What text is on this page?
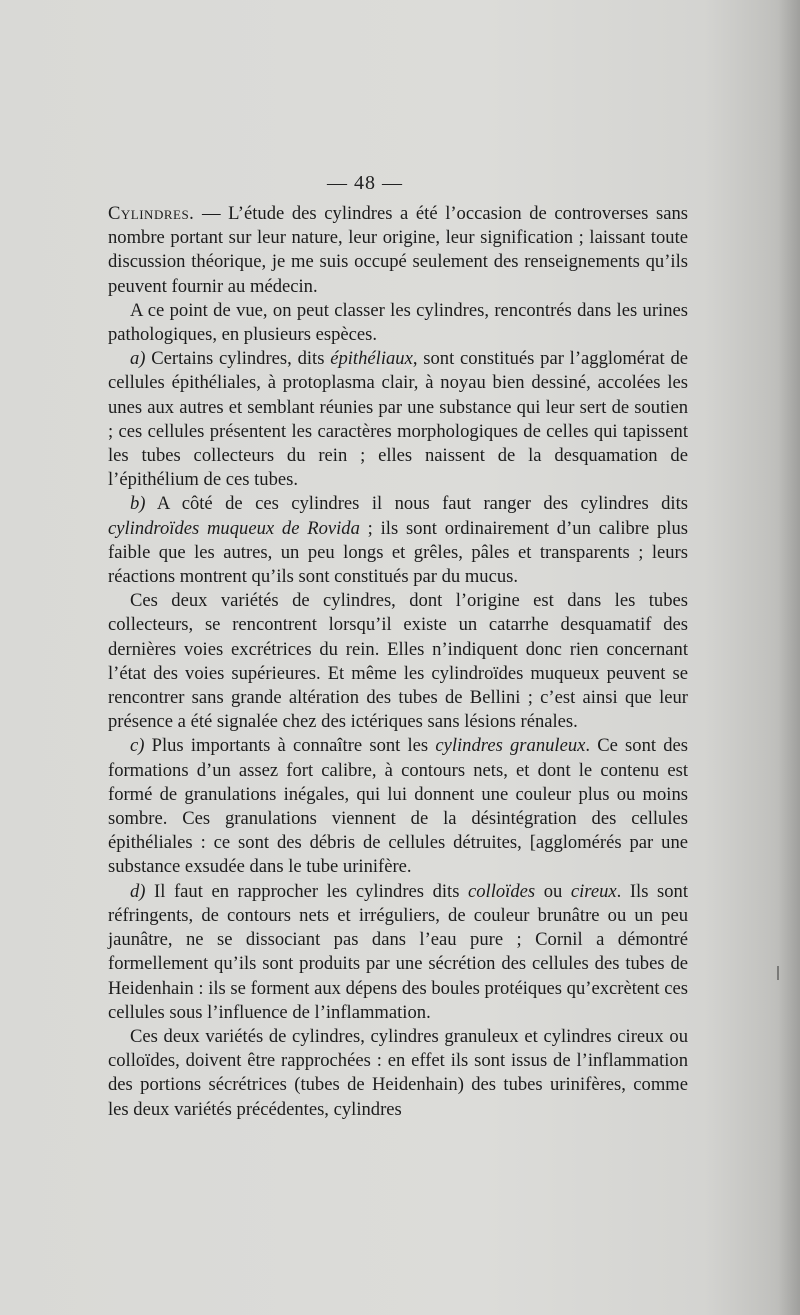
— 48 —

Cylindres. — L’étude des cylindres a été l’occasion de controverses sans nombre portant sur leur nature, leur origine, leur signification ; laissant toute discussion théorique, je me suis occupé seulement des renseignements qu’ils peuvent fournir au médecin.

A ce point de vue, on peut classer les cylindres, rencontrés dans les urines pathologiques, en plusieurs espèces.

a) Certains cylindres, dits épithéliaux, sont constitués par l’agglomérat de cellules épithéliales, à protoplasma clair, à noyau bien dessiné, accolées les unes aux autres et semblant réunies par une substance qui leur sert de soutien ; ces cellules présentent les caractères morphologiques de celles qui tapissent les tubes collecteurs du rein ; elles naissent de la desquamation de l’épithélium de ces tubes.

b) A côté de ces cylindres il nous faut ranger des cylindres dits cylindroïdes muqueux de Rovida ; ils sont ordinairement d’un calibre plus faible que les autres, un peu longs et grêles, pâles et transparents ; leurs réactions montrent qu’ils sont constitués par du mucus.

Ces deux variétés de cylindres, dont l’origine est dans les tubes collecteurs, se rencontrent lorsqu’il existe un catarrhe desquamatif des dernières voies excrétrices du rein. Elles n’indiquent donc rien concernant l’état des voies supérieures. Et même les cylindroïdes muqueux peuvent se rencontrer sans grande altération des tubes de Bellini ; c’est ainsi que leur présence a été signalée chez des ictériques sans lésions rénales.

c) Plus importants à connaître sont les cylindres granuleux. Ce sont des formations d’un assez fort calibre, à contours nets, et dont le contenu est formé de granulations inégales, qui lui donnent une couleur plus ou moins sombre. Ces granulations viennent de la désintégration des cellules épithéliales : ce sont des débris de cellules détruites, [agglomérés par une substance exsudée dans le tube urinifère.

d) Il faut en rapprocher les cylindres dits colloïdes ou cireux. Ils sont réfringents, de contours nets et irréguliers, de couleur brunâtre ou un peu jaunâtre, ne se dissociant pas dans l’eau pure ; Cornil a démontré formellement qu’ils sont produits par une sécrétion des cellules des tubes de Heidenhain : ils se forment aux dépens des boules protéiques qu’excrètent ces cellules sous l’influence de l’inflammation.

Ces deux variétés de cylindres, cylindres granuleux et cylindres cireux ou colloïdes, doivent être rapprochées : en effet ils sont issus de l’inflammation des portions sécrétrices (tubes de Heidenhain) des tubes urinifères, comme les deux variétés précédentes, cylindres
